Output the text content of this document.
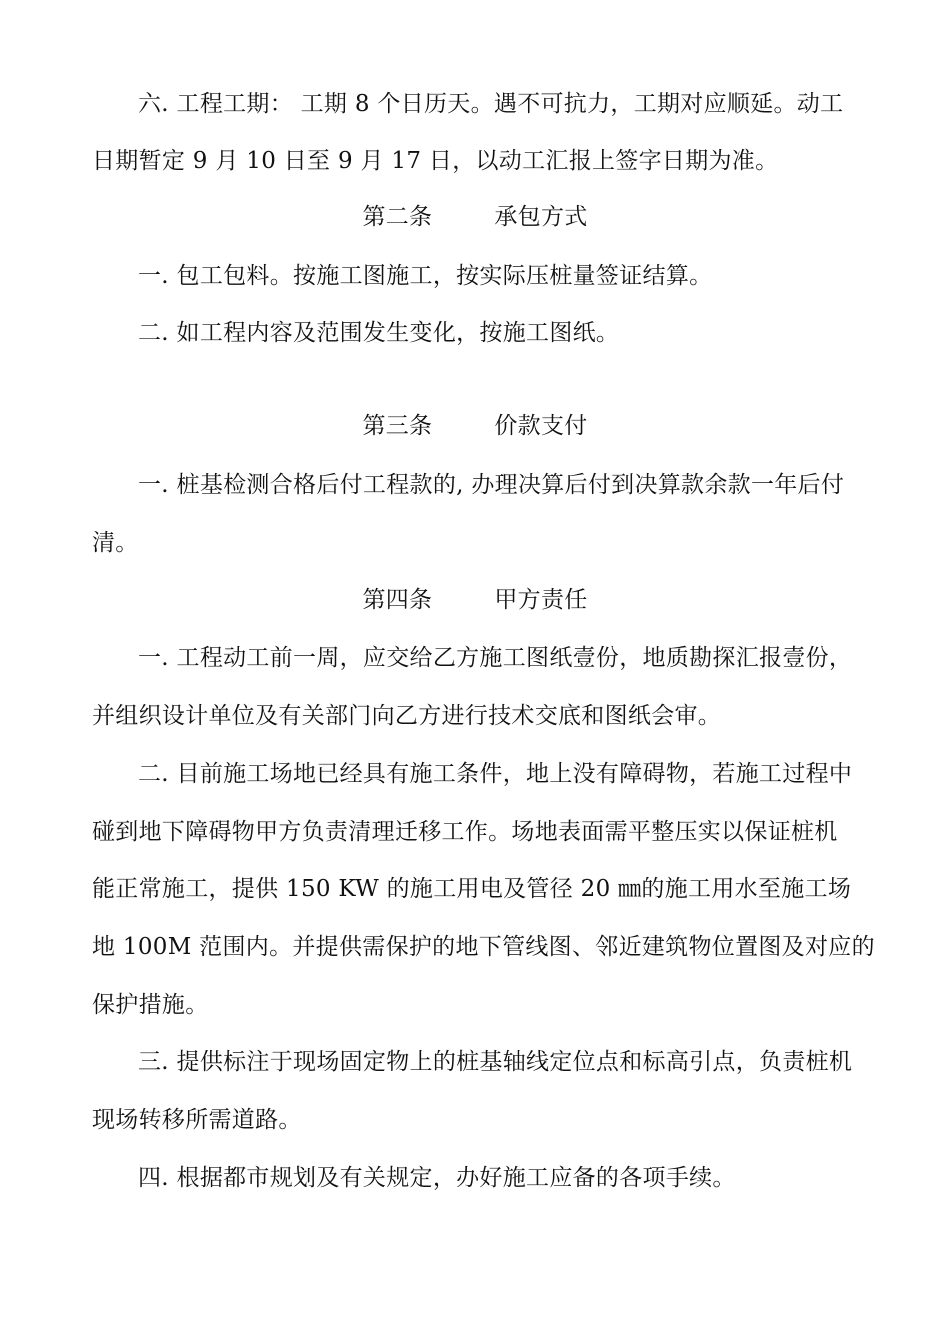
六. 工程工期： 工期 8 个日历天。遇不可抗力，工期对应顺延。动工
日期暂定 9 月 10 日至 9 月 17 日，以动工汇报上签字日期为准。
第二条	承包方式
一. 包工包料。按施工图施工，按实际压桩量签证结算。
二. 如工程内容及范围发生变化，按施工图纸。
第三条	价款支付
一. 桩基检测合格后付工程款的, 办理决算后付到决算款余款一年后付
清。
第四条	甲方责任
一. 工程动工前一周，应交给乙方施工图纸壹份，地质勘探汇报壹份，
并组织设计单位及有关部门向乙方进行技术交底和图纸会审。
二. 目前施工场地已经具有施工条件，地上没有障碍物，若施工过程中
碰到地下障碍物甲方负责清理迁移工作。场地表面需平整压实以保证桩机
能正常施工，提供 150 KW 的施工用电及管径 20 ㎜的施工用水至施工场
地 100M 范围内。并提供需保护的地下管线图、邻近建筑物位置图及对应的
保护措施。
三. 提供标注于现场固定物上的桩基轴线定位点和标高引点，负责桩机
现场转移所需道路。
四. 根据都市规划及有关规定，办好施工应备的各项手续。
